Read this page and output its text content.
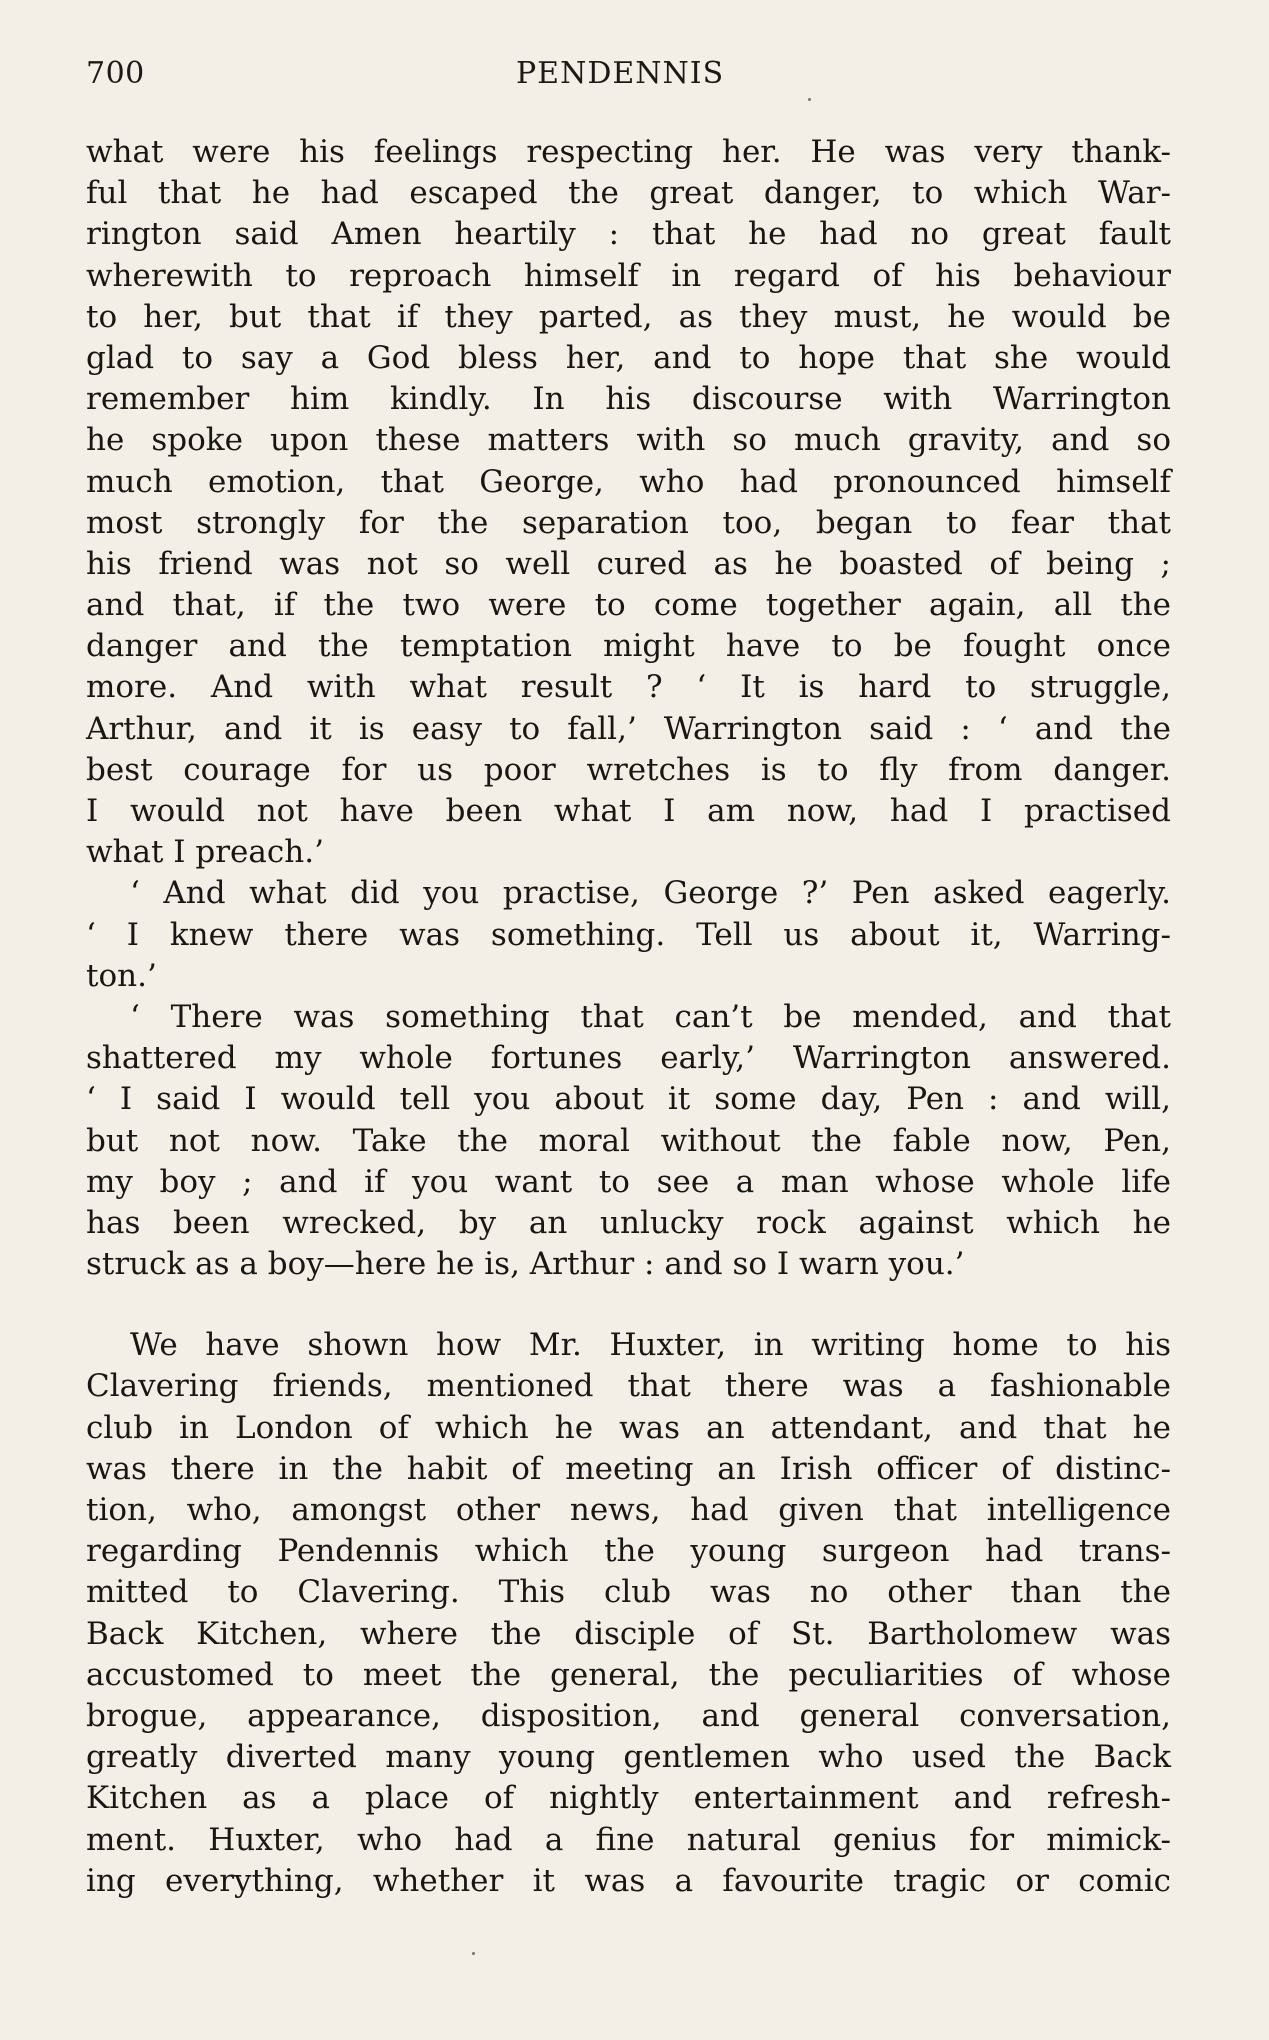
700	PENDENNIS
what were his feelings respecting her. He was very thank-
ful that he had escaped the great danger, to which War-
rington said Amen heartily : that he had no great fault
wherewith to reproach himself in regard of his behaviour
to her, but that if they parted, as they must, he would be
glad to say a God bless her, and to hope that she would
remember him kindly. In his discourse with Warrington
he spoke upon these matters with so much gravity, and so
much emotion, that George, who had pronounced himself
most strongly for the separation too, began to fear that
his friend was not so well cured as he boasted of being ;
and that, if the two were to come together again, all the
danger and the temptation might have to be fought once
more. And with what result ? ‘ It is hard to struggle,
Arthur, and it is easy to fall,’ Warrington said : ‘ and the
best courage for us poor wretches is to fly from danger.
I would not have been what I am now, had I practised
what I preach.’
‘ And what did you practise, George ?’ Pen asked eagerly.
‘ I knew there was something. Tell us about it, Warring-
ton.’
‘ There was something that can’t be mended, and that
shattered my whole fortunes early,’ Warrington answered.
‘ I said I would tell you about it some day, Pen : and will,
but not now. Take the moral without the fable now, Pen,
my boy ; and if you want to see a man whose whole life
has been wrecked, by an unlucky rock against which he
struck as a boy—here he is, Arthur : and so I warn you.’
We have shown how Mr. Huxter, in writing home to his
Clavering friends, mentioned that there was a fashionable
club in London of which he was an attendant, and that he
was there in the habit of meeting an Irish officer of distinc-
tion, who, amongst other news, had given that intelligence
regarding Pendennis which the young surgeon had trans-
mitted to Clavering. This club was no other than the
Back Kitchen, where the disciple of St. Bartholomew was
accustomed to meet the general, the peculiarities of whose
brogue, appearance, disposition, and general conversation,
greatly diverted many young gentlemen who used the Back
Kitchen as a place of nightly entertainment and refresh-
ment. Huxter, who had a fine natural genius for mimick-
ing everything, whether it was a favourite tragic or comic
